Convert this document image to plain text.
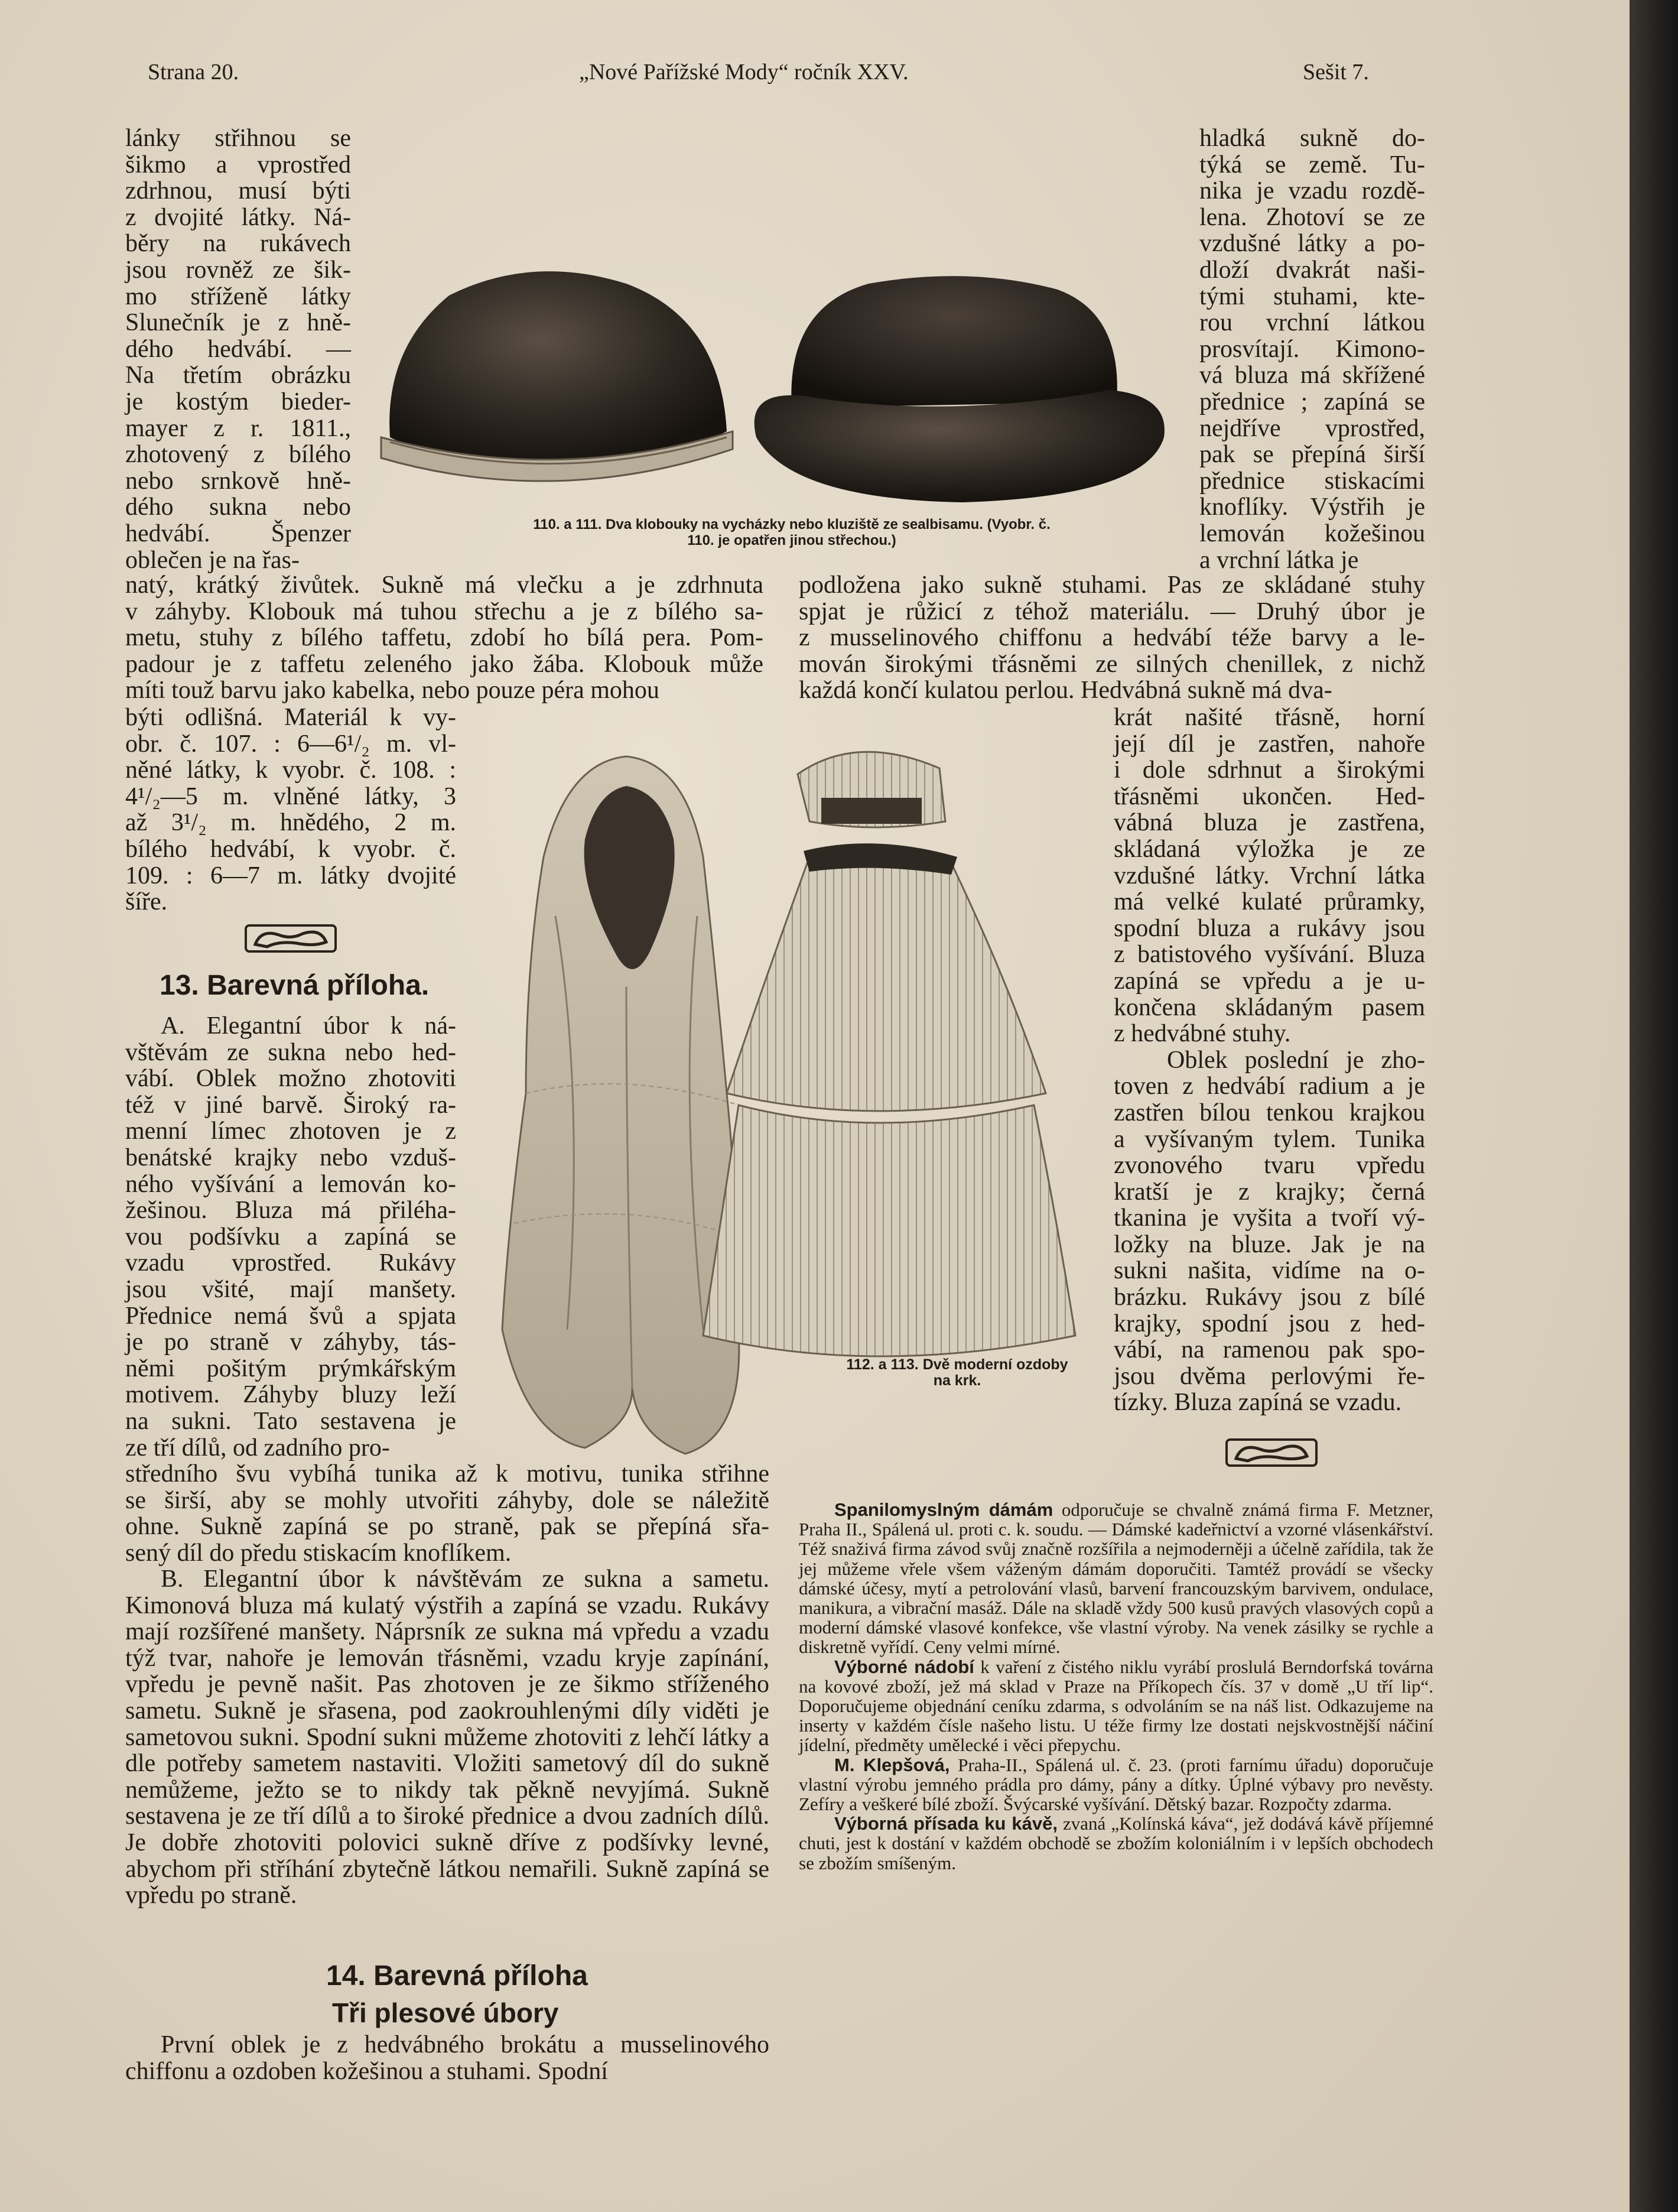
Strana 20.	„Nové Pařížské Mody“ ročník XXV.	Sešit 7.
lánky střihnou se
šikmo a vprostřed
zdrhnou, musí býti
z dvojité látky. Ná-
běry na rukávech
jsou rovněž ze šik-
mo stříženě látky
Slunečník je z hně-
dého hedvábí. —
Na třetím obrázku
je kostým bieder-
mayer z r. 1811.,
zhotovený z bílého
nebo srnkově hně-
dého sukna nebo
hedvábí. Špenzer
oblečen je na řas-
hladká sukně do-
týká se země. Tu-
nika je vzadu rozdě-
lena. Zhotoví se ze
vzdušné látky a po-
dloží dvakrát naši-
tými stuhami, kte-
rou vrchní látkou
prosvítají. Kimono-
vá bluza má skřížené
přednice ; zapíná se
nejdříve vprostřed,
pak se přepíná širší
přednice stiskacími
knoflíky. Výstřih je
lemován kožešinou
a vrchní látka je
110. a 111. Dva klobouky na vycházky nebo kluziště ze sealbisamu. (Vyobr. č.
110. je opatřen jinou střechou.)
natý, krátký živůtek. Sukně má vlečku a je zdrhnuta
v záhyby. Klobouk má tuhou střechu a je z bílého sa-
metu, stuhy z bílého taffetu, zdobí ho bílá pera. Pom-
padour je z taffetu zeleného jako žába. Klobouk může
míti touž barvu jako kabelka, nebo pouze péra mohou
podložena jako sukně stuhami. Pas ze skládané stuhy
spjat je růžicí z téhož materiálu. — Druhý úbor je
z musselinového chiffonu a hedvábí téže barvy a le-
mován širokými třásněmi ze silných chenillek, z nichž
každá končí kulatou perlou. Hedvábná sukně má dva-
býti odlišná. Materiál k vy-
obr. č. 107. : 6—6¹/₂ m. vl-
něné látky, k vyobr. č. 108. :
4¹/₂—5 m. vlněné látky, 3
až 3¹/₂ m. hnědého, 2 m.
bílého hedvábí, k vyobr. č.
109. : 6—7 m. látky dvojité
šíře.
13. Barevná příloha.
A. Elegantní úbor k ná-
vštěvám ze sukna nebo hed-
vábí. Oblek možno zhotoviti
též v jiné barvě. Široký ra-
menní límec zhotoven je z
benátské krajky nebo vzduš-
ného vyšívání a lemován ko-
žešinou. Bluza má přiléha-
vou podšívku a zapíná se
vzadu vprostřed. Rukávy
jsou všité, mají manšety.
Přednice nemá švů a spjata
je po straně v záhyby, tás-
němi pošitým prýmkářským
motivem. Záhyby bluzy leží
na sukni. Tato sestavena je
ze tří dílů, od zadního pro-
112. a 113. Dvě moderní ozdoby
na krk.
krát našité třásně, horní
její díl je zastřen, nahoře
i dole sdrhnut a širokými
třásněmi ukončen. Hed-
vábná bluza je zastřena,
skládaná výložka je ze
vzdušné látky. Vrchní látka
má velké kulaté průramky,
spodní bluza a rukávy jsou
z batistového vyšívání. Bluza
zapíná se vpředu a je u-
končena skládaným pasem
z hedvábné stuhy.
Oblek poslední je zho-
toven z hedvábí radium a je
zastřen bílou tenkou krajkou
a vyšívaným tylem. Tunika
zvonového tvaru vpředu
kratší je z krajky; černá
tkanina je vyšita a tvoří vý-
ložky na bluze. Jak je na
sukni našita, vidíme na o-
brázku. Rukávy jsou z bílé
krajky, spodní jsou z hed-
vábí, na ramenou pak spo-
jsou dvěma perlovými ře-
tízky. Bluza zapíná se vzadu.
středního švu vybíhá tunika až k motivu, tunika střihne
se širší, aby se mohly utvořiti záhyby, dole se náležitě
ohne. Sukně zapíná se po straně, pak se přepíná sřa-
sený díl do předu stiskacím knoflíkem.

B. Elegantní úbor k návštěvám ze sukna a sametu. Kimonová bluza má kulatý výstřih a zapíná se vzadu. Rukávy mají rozšířené manšety. Náprsník ze sukna má vpředu a vzadu týž tvar, nahoře je lemován třásněmi, vzadu kryje zapínání, vpředu je pevně našit. Pas zhotoven je ze šikmo stříženého sametu. Sukně je sřasena, pod zaokrouhlenými díly viděti je sametovou sukni. Spodní sukni můžeme zhotoviti z lehčí látky a dle potřeby sametem nastaviti. Vložiti sametový díl do sukně nemůžeme, ježto se to nikdy tak pěkně nevyjímá. Sukně sestavena je ze tří dílů a to široké přednice a dvou zadních dílů. Je dobře zhotoviti polovici sukně dříve z podšívky levné, abychom při stříhání zbytečně látkou nemařili. Sukně zapíná se vpředu po straně.

14. Barevná příloha
Tři plesové úbory

První oblek je z hedvábného brokátu a musselinového chiffonu a ozdoben kožešinou a stuhami. Spodní

Spanilomyslným dámám odporučuje se chvalně známá firma F. Metzner, Praha II., Spálená ul. proti c. k. soudu. — Dámské kadeřnictví a vzorné vlásenkářství. Též snaživá firma závod svůj značně rozšířila a nejmoderněji a účelně zařídila, tak že jej můžeme vřele všem váženým dámám doporučiti. Tamtéž provádí se všecky dámské účesy, mytí a petrolování vlasů, barvení francouzským barvivem, ondulace, manikura, a vibrační masáž. Dále na skladě vždy 500 kusů pravých vlasových copů a moderní dámské vlasové konfekce, vše vlastní výroby. Na venek zásilky se rychle a diskretně vyřídí. Ceny velmi mírné.

Výborné nádobí k vaření z čistého niklu vyrábí proslulá Berndorfská továrna na kovové zboží, jež má sklad v Praze na Příkopech čís. 37 v domě „U tří lip“. Doporučujeme objednání ceníku zdarma, s odvoláním se na náš list. Odkazujeme na inserty v každém čísle našeho listu. U téže firmy lze dostati nejskvostnější náčiní jídelní, předměty umělecké i věci přepychu.

M. Klepšová, Praha-II., Spálená ul. č. 23. (proti farnímu úřadu) doporučuje vlastní výrobu jemného prádla pro dámy, pány a dítky. Úplné výbavy pro nevěsty. Zefíry a veškeré bílé zboží. Švýcarské vyšívání. Dětský bazar. Rozpočty zdarma.

Výborná přísada ku kávě, zvaná „Kolínská káva“, jež dodává kávě příjemné chuti, jest k dostání v každém obchodě se zbožím koloniálním i v lepších obchodech se zbožím smíšeným.
